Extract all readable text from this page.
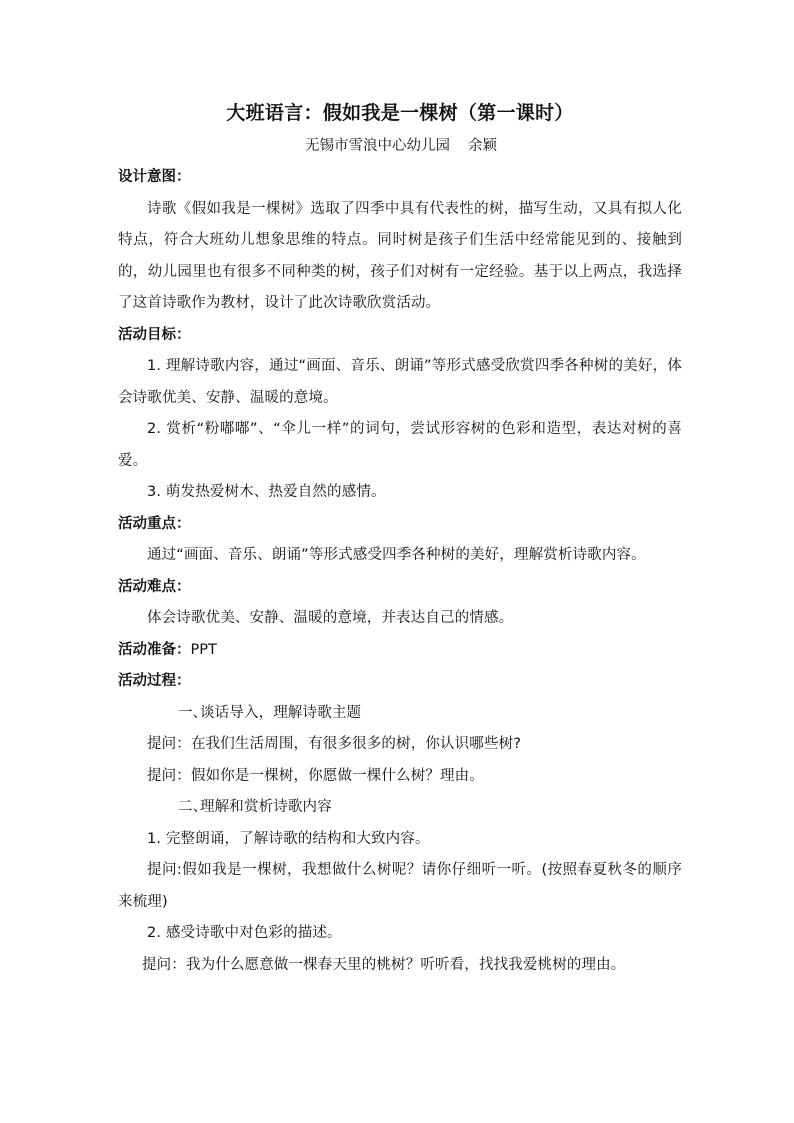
大班语言：假如我是一棵树（第一课时）

无锡市雪浪中心幼儿园 余颖

设计意图：

诗歌《假如我是一棵树》选取了四季中具有代表性的树，描写生动，又具有拟人化特点，符合大班幼儿想象思维的特点。同时树是孩子们生活中经常能见到的、接触到的，幼儿园里也有很多不同种类的树，孩子们对树有一定经验。基于以上两点，我选择了这首诗歌作为教材，设计了此次诗歌欣赏活动。

活动目标：

1. 理解诗歌内容，通过“画面、音乐、朗诵”等形式感受欣赏四季各种树的美好，体会诗歌优美、安静、温暖的意境。

2. 赏析“粉嘟嘟”、“伞儿一样”的词句，尝试形容树的色彩和造型，表达对树的喜爱。

3. 萌发热爱树木、热爱自然的感情。

活动重点：

通过“画面、音乐、朗诵”等形式感受四季各种树的美好，理解赏析诗歌内容。

活动难点：

体会诗歌优美、安静、温暖的意境，并表达自己的情感。

活动准备：PPT

活动过程：

一、谈话导入，理解诗歌主题

提问：在我们生活周围，有很多很多的树，你认识哪些树?

提问：假如你是一棵树，你愿做一棵什么树？理由。

二、理解和赏析诗歌内容

1. 完整朗诵，了解诗歌的结构和大致内容。

提问:假如我是一棵树，我想做什么树呢？请你仔细听一听。(按照春夏秋冬的顺序来梳理)

2. 感受诗歌中对色彩的描述。

提问：我为什么愿意做一棵春天里的桃树？听听看，找找我爱桃树的理由。
